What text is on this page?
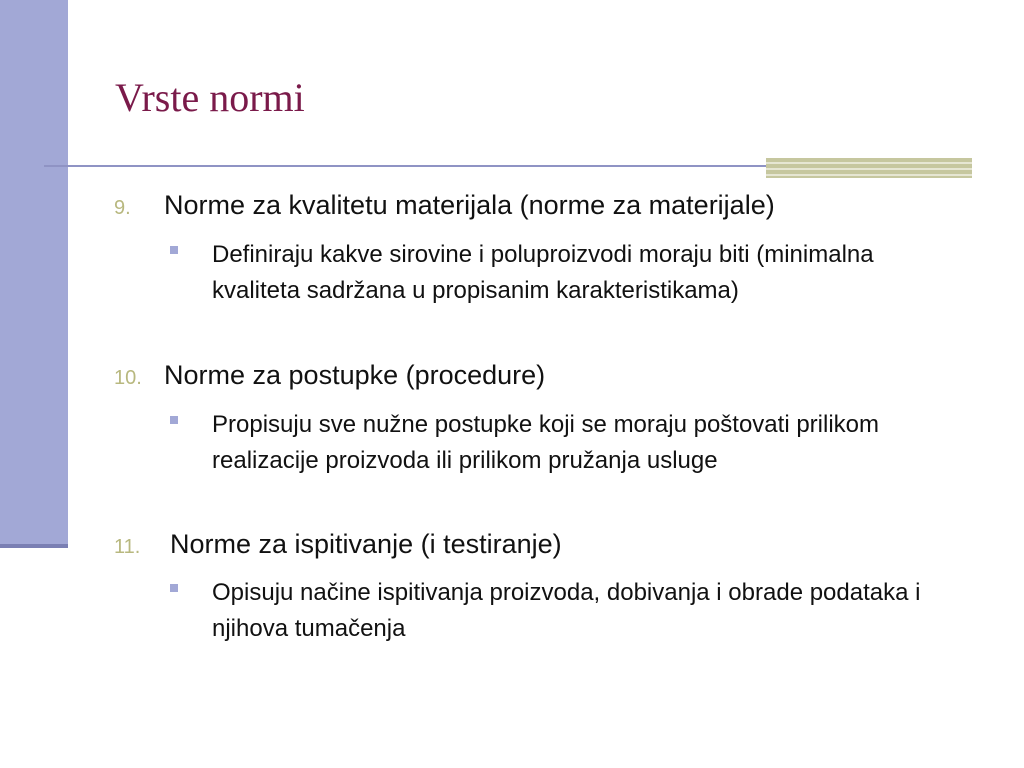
Vrste normi
9. Norme za kvalitetu materijala (norme za materijale)
Definiraju kakve sirovine i poluproizvodi moraju biti (minimalna kvaliteta sadržana u propisanim karakteristikama)
10. Norme za postupke (procedure)
Propisuju sve nužne postupke koji se moraju poštovati prilikom realizacije proizvoda ili prilikom pružanja usluge
11.Norme za ispitivanje (i testiranje)
Opisuju načine ispitivanja proizvoda, dobivanja i obrade podataka i njihova tumačenja
